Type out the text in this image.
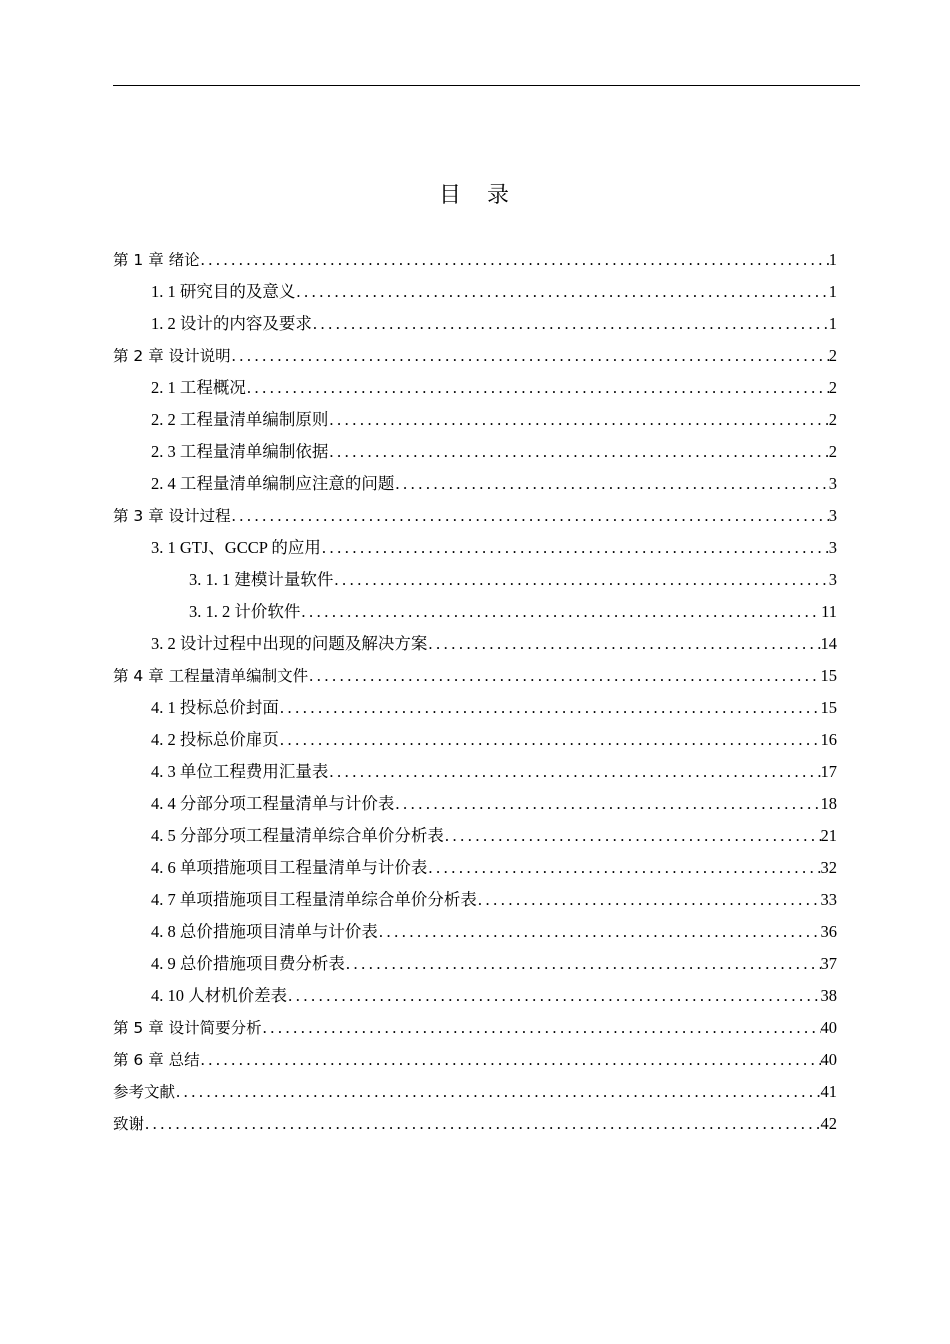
目　录
第 1 章 绪论 .....	1
1. 1 研究目的及意义 .....	1
1. 2 设计的内容及要求 .....	1
第 2 章 设计说明 .....	2
2. 1 工程概况 .....	2
2. 2 工程量清单编制原则 .....	2
2. 3 工程量清单编制依据 .....	2
2. 4 工程量清单编制应注意的问题 .....	3
第 3 章 设计过程 .....	3
3. 1 GTJ、GCCP 的应用 .....	3
3. 1. 1 建模计量软件 .....	3
3. 1. 2 计价软件 .....	11
3. 2 设计过程中出现的问题及解决方案 .....	14
第 4 章 工程量清单编制文件 .....	15
4. 1 投标总价封面 .....	15
4. 2 投标总价扉页 .....	16
4. 3 单位工程费用汇量表 .....	17
4. 4 分部分项工程量清单与计价表 .....	18
4. 5 分部分项工程量清单综合单价分析表 .....	21
4. 6 单项措施项目工程量清单与计价表 .....	32
4. 7 单项措施项目工程量清单综合单价分析表 .....	33
4. 8 总价措施项目清单与计价表 .....	36
4. 9 总价措施项目费分析表 .....	37
4. 10 人材机价差表 .....	38
第 5 章 设计简要分析 .....	40
第 6 章 总结 .....	40
参考文献 .....	41
致谢 .....	42
